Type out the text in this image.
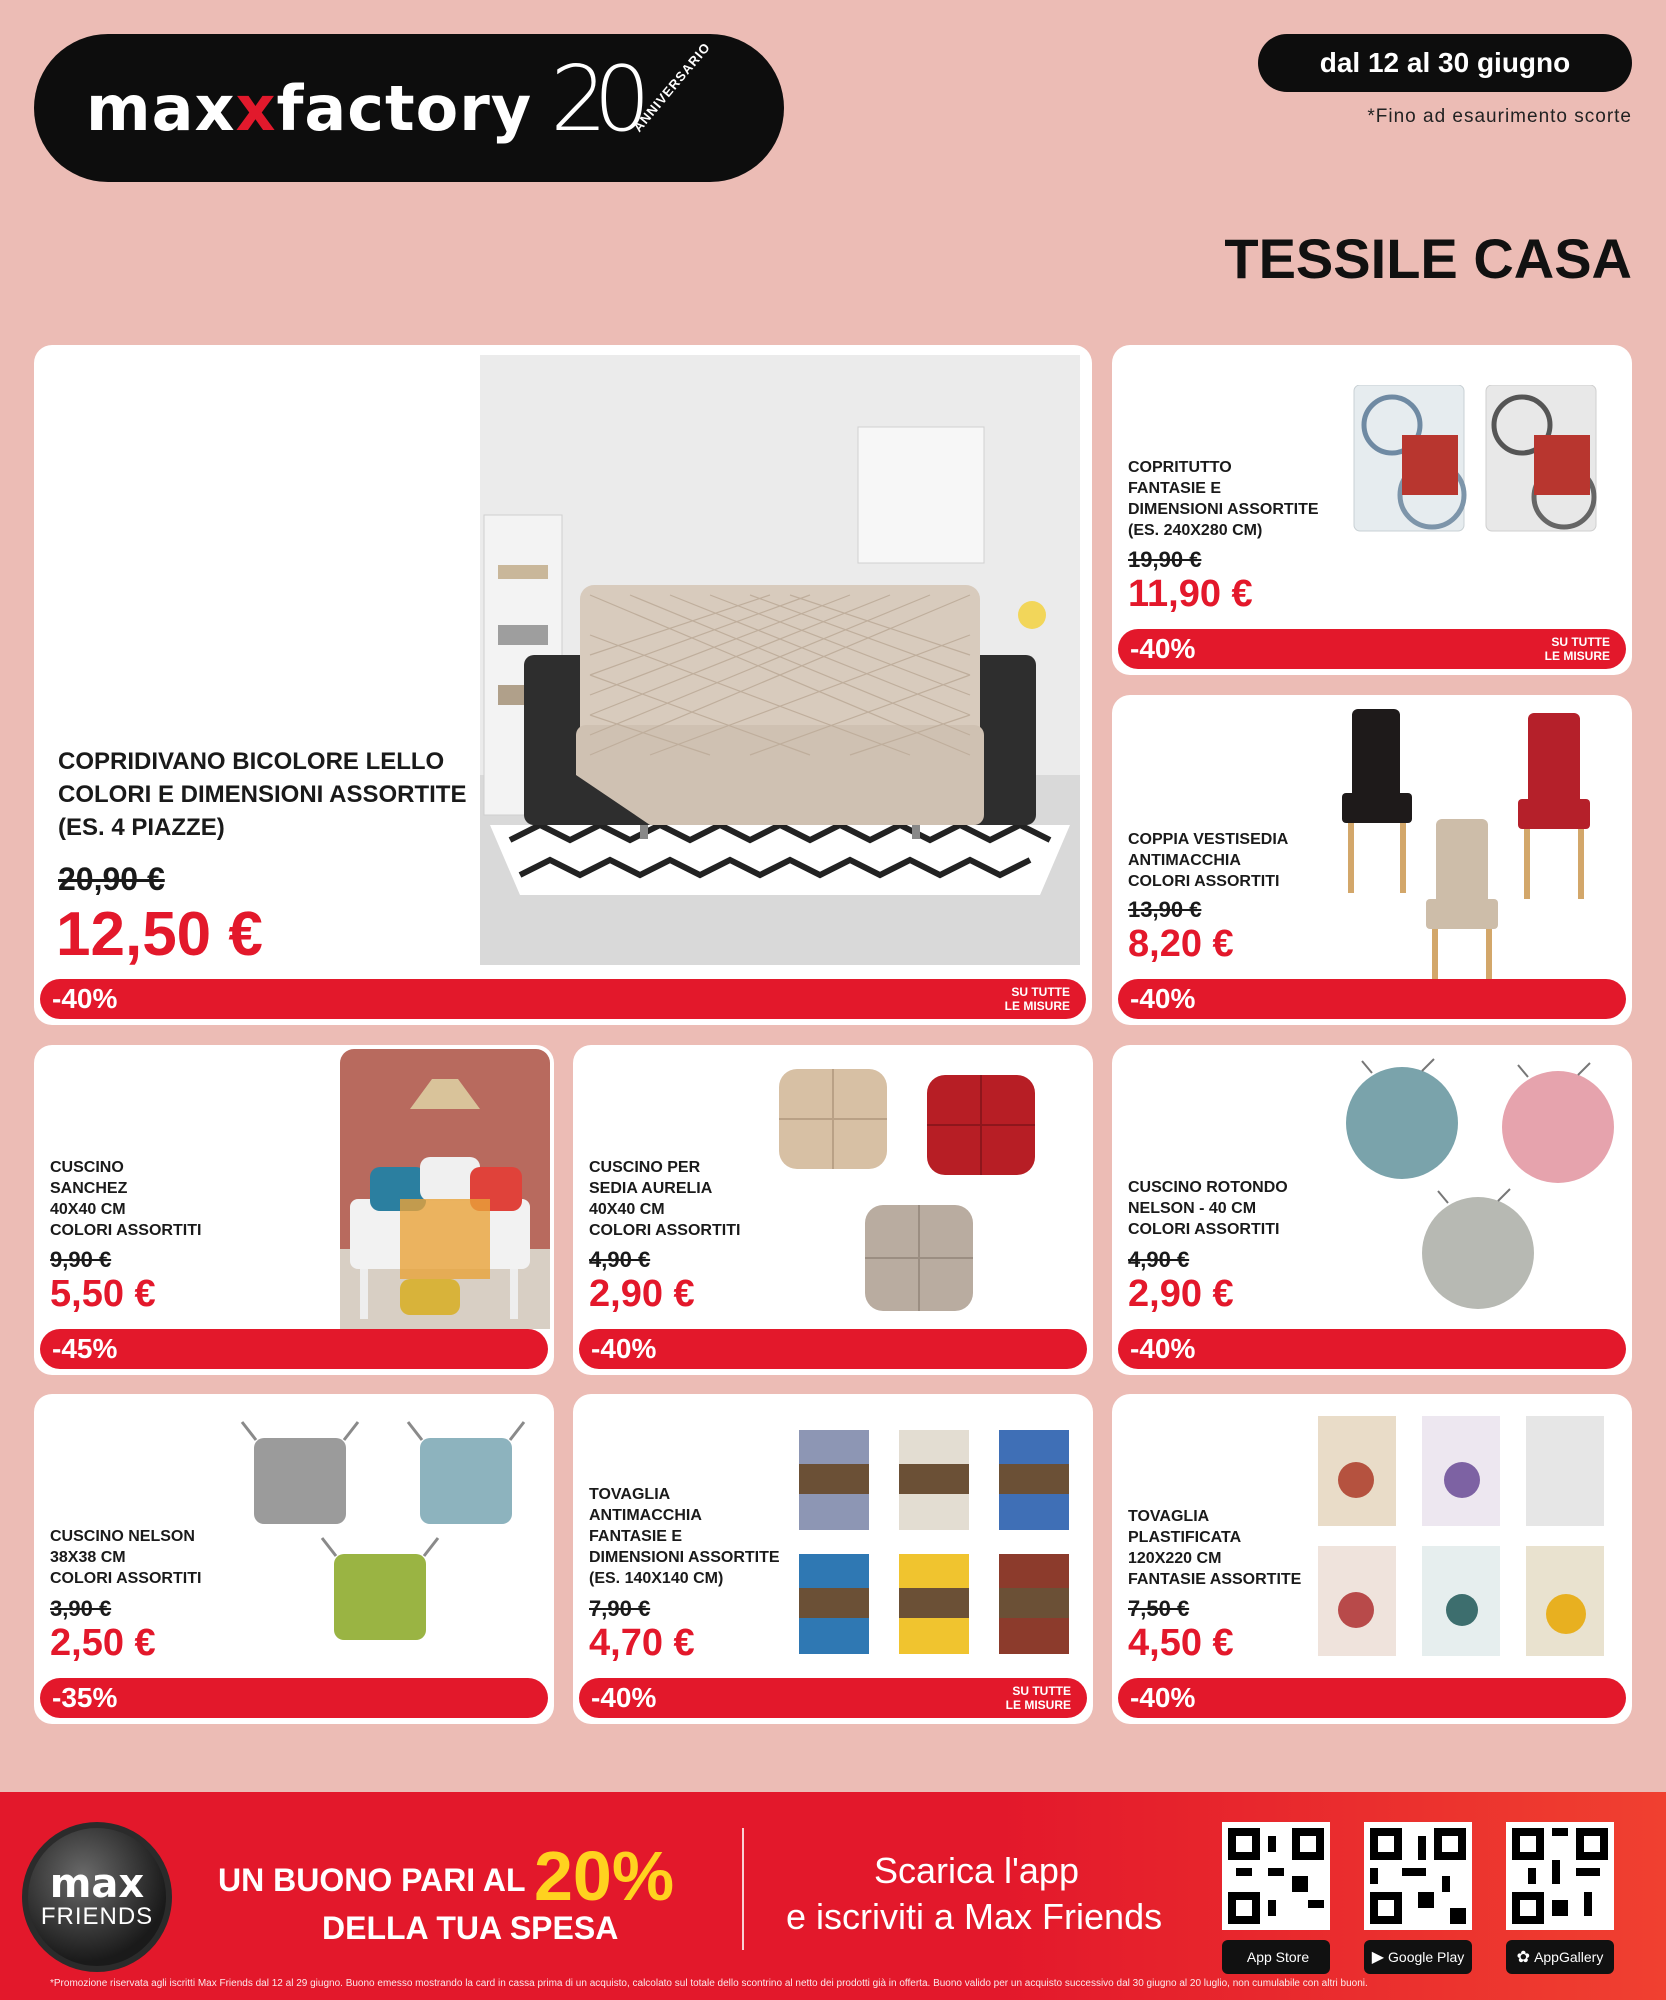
maxxfactory 20
ANNIVERSARIO	dal 12 al 30 giugno
*Fino ad esaurimento scorte
TESSILE CASA
COPRIDIVANO BICOLORE LELLO
COLORI E DIMENSIONI ASSORTITE
(ES. 4 PIAZZE)
20,90 €
12,50 €
-40%	SU TUTTE
LE MISURE
COPRITUTTO
FANTASIE E
DIMENSIONI ASSORTITE
(ES. 240X280 CM)
19,90 €
11,90 €
-40%	SU TUTTE
LE MISURE
COPPIA VESTISEDIA
ANTIMACCHIA
COLORI ASSORTITI
13,90 €
8,20 €
-40%
CUSCINO
SANCHEZ
40X40 CM
COLORI ASSORTITI
9,90 €
5,50 €
-45%
CUSCINO PER
SEDIA AURELIA
40X40 CM
COLORI ASSORTITI
4,90 €
2,90 €
-40%
CUSCINO ROTONDO
NELSON - 40 CM
COLORI ASSORTITI
4,90 €
2,90 €
-40%
CUSCINO NELSON
38X38 CM
COLORI ASSORTITI
3,90 €
2,50 €
-35%
TOVAGLIA
ANTIMACCHIA
FANTASIE E
DIMENSIONI ASSORTITE
(ES. 140X140 CM)
7,90 €
4,70 €
-40%	SU TUTTE
LE MISURE
TOVAGLIA
PLASTIFICATA
120X220 CM
FANTASIE ASSORTITE
7,50 €
4,50 €
-40%
max
FRIENDS
UN BUONO PARI AL 20%
DELLA TUA SPESA
Scarica l'app
e iscriviti a Max Friends
App Store	▶ Google Play	✿ AppGallery
*Promozione riservata agli iscritti Max Friends dal 12 al 29 giugno. Buono emesso mostrando la card in cassa prima di un acquisto, calcolato sul totale dello scontrino al netto dei prodotti già in offerta. Buono valido per un acquisto successivo dal 30 giugno al 20 luglio, non cumulabile con altri buoni.
